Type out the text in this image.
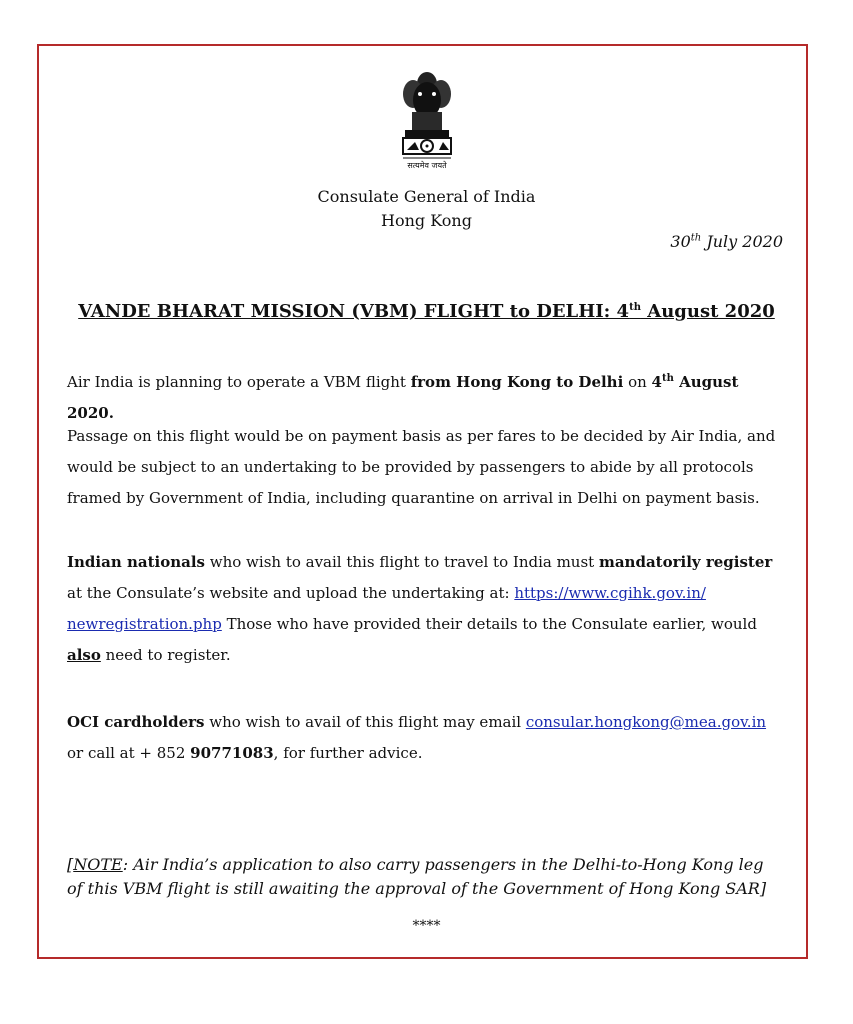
सत्यमेव जयते
Consulate General of India
Hong Kong
30th July 2020
VANDE BHARAT MISSION (VBM) FLIGHT to DELHI: 4th August 2020
Air India is planning to operate a VBM flight from Hong Kong to Delhi on 4th August 2020.
Passage on this flight would be on payment basis as per fares to be decided by Air India, and
would be subject to an undertaking to be provided by passengers to abide by all protocols
framed by Government of India, including quarantine on arrival in Delhi on payment basis.
Indian nationals who wish to avail this flight to travel to India must mandatorily register
at the Consulate’s website and upload the undertaking at: https://www.cgihk.gov.in/
newregistration.php Those who have provided their details to the Consulate earlier, would
also need to register.
OCI cardholders who wish to avail of this flight may email consular.hongkong@mea.gov.in
or call at + 852 90771083, for further advice.
[NOTE: Air India’s application to also carry passengers in the Delhi-to-Hong Kong leg
of this VBM flight is still awaiting the approval of the Government of Hong Kong SAR]
****
